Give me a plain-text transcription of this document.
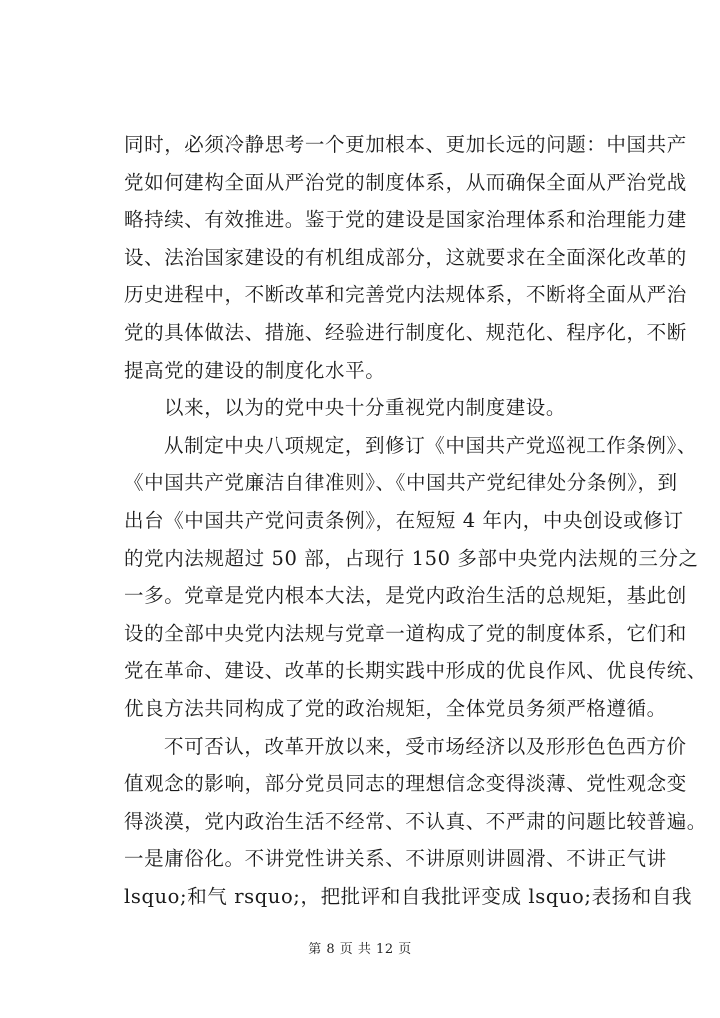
同时，必须冷静思考一个更加根本、更加长远的问题：中国共产
党如何建构全面从严治党的制度体系，从而确保全面从严治党战
略持续、有效推进。鉴于党的建设是国家治理体系和治理能力建
设、法治国家建设的有机组成部分，这就要求在全面深化改革的
历史进程中，不断改革和完善党内法规体系，不断将全面从严治
党的具体做法、措施、经验进行制度化、规范化、程序化，不断
提高党的建设的制度化水平。
以来，以为的党中央十分重视党内制度建设。
从制定中央八项规定，到修订《中国共产党巡视工作条例》、
《中国共产党廉洁自律准则》、《中国共产党纪律处分条例》，到
出台《中国共产党问责条例》，在短短 4 年内，中央创设或修订
的党内法规超过 50 部，占现行 150 多部中央党内法规的三分之
一多。党章是党内根本大法，是党内政治生活的总规矩，基此创
设的全部中央党内法规与党章一道构成了党的制度体系，它们和
党在革命、建设、改革的长期实践中形成的优良作风、优良传统、
优良方法共同构成了党的政治规矩，全体党员务须严格遵循。
不可否认，改革开放以来，受市场经济以及形形色色西方价
值观念的影响，部分党员同志的理想信念变得淡薄、党性观念变
得淡漠，党内政治生活不经常、不认真、不严肃的问题比较普遍。
一是庸俗化。不讲党性讲关系、不讲原则讲圆滑、不讲正气讲
lsquo;和气 rsquo;，把批评和自我批评变成 lsquo;表扬和自我
第 8 页 共 12 页
